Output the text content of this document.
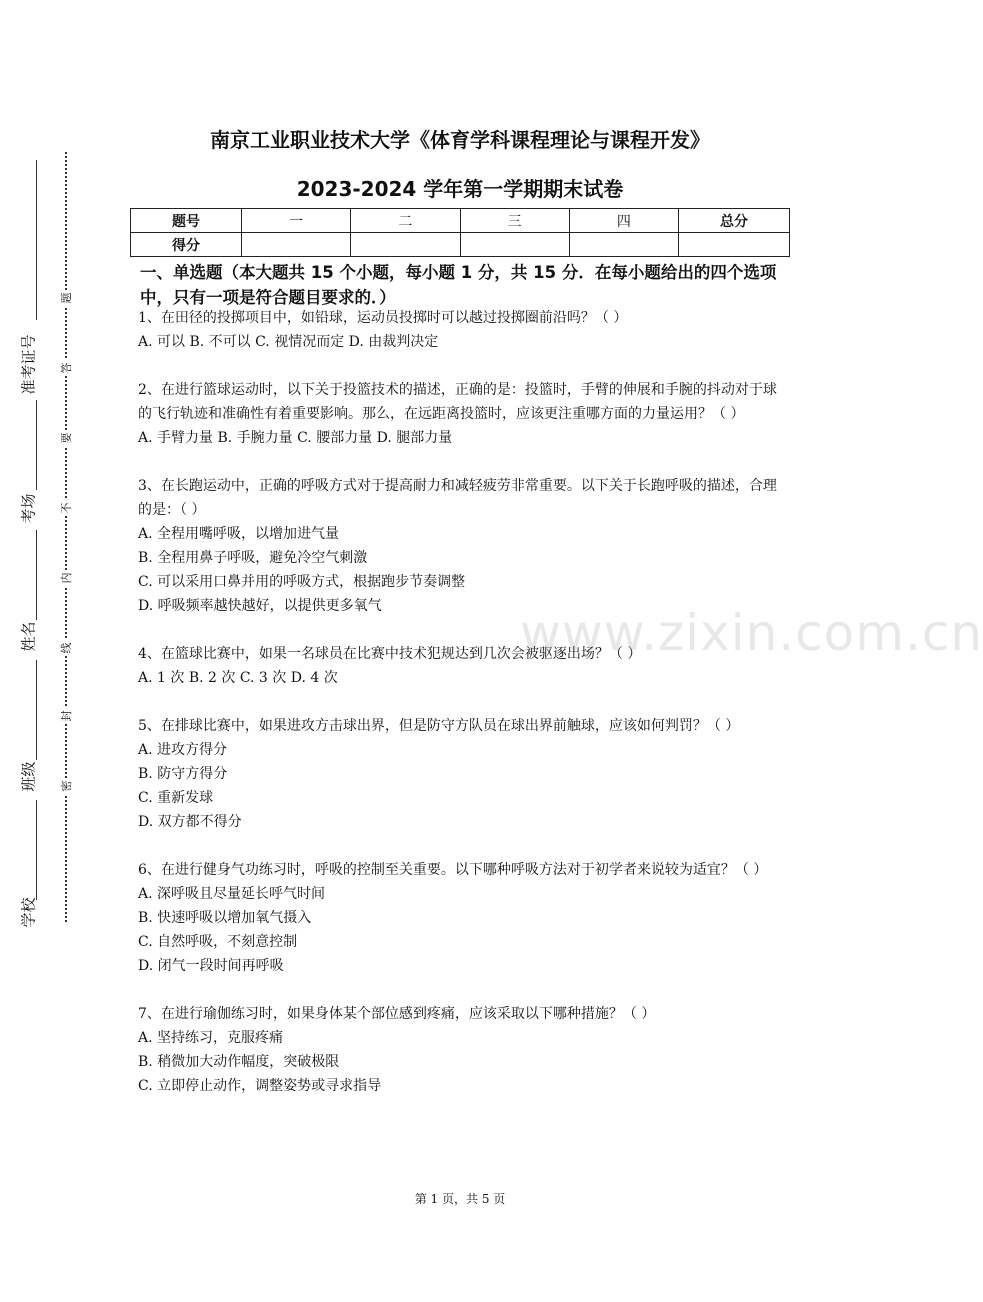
题
答
要
不
内
线
封
密
准考证号
考场
姓名
班级
学校
南京工业职业技术大学《体育学科课程理论与课程开发》
2023-2024 学年第一学期期末试卷
题号	一	二	三	四	总分
得分					
一、单选题（本大题共 15 个小题，每小题 1 分，共 15 分．在每小题给出的四个选项中，只有一项是符合题目要求的．）
1、在田径的投掷项目中，如铅球，运动员投掷时可以越过投掷圈前沿吗？（ ）
A. 可以 B. 不可以 C. 视情况而定 D. 由裁判决定
2、在进行篮球运动时，以下关于投篮技术的描述，正确的是：投篮时，手臂的伸展和手腕的抖动对于球的飞行轨迹和准确性有着重要影响。那么，在远距离投篮时，应该更注重哪方面的力量运用？（ ）
A. 手臂力量 B. 手腕力量 C. 腰部力量 D. 腿部力量
3、在长跑运动中，正确的呼吸方式对于提高耐力和减轻疲劳非常重要。以下关于长跑呼吸的描述，合理的是：（ ）
A. 全程用嘴呼吸，以增加进气量
B. 全程用鼻子呼吸，避免冷空气刺激
C. 可以采用口鼻并用的呼吸方式，根据跑步节奏调整
D. 呼吸频率越快越好，以提供更多氧气
4、在篮球比赛中，如果一名球员在比赛中技术犯规达到几次会被驱逐出场？（ ）
A. 1 次 B. 2 次 C. 3 次 D. 4 次
5、在排球比赛中，如果进攻方击球出界，但是防守方队员在球出界前触球，应该如何判罚？（ ）
A. 进攻方得分
B. 防守方得分
C. 重新发球
D. 双方都不得分
6、在进行健身气功练习时，呼吸的控制至关重要。以下哪种呼吸方法对于初学者来说较为适宜？（ ）
A. 深呼吸且尽量延长呼气时间
B. 快速呼吸以增加氧气摄入
C. 自然呼吸，不刻意控制
D. 闭气一段时间再呼吸
7、在进行瑜伽练习时，如果身体某个部位感到疼痛，应该采取以下哪种措施？（ ）
A. 坚持练习，克服疼痛
B. 稍微加大动作幅度，突破极限
C. 立即停止动作，调整姿势或寻求指导
www.zixin.com.cn
第 1 页，共 5 页
